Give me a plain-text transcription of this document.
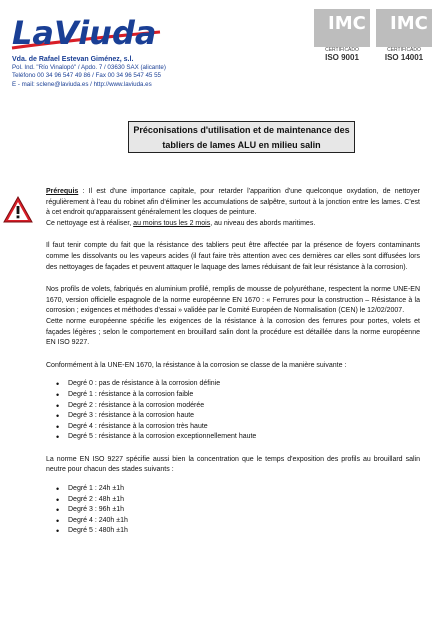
LaViuda
Vda. de Rafael Estevan Giménez, s.l.
Pol. Ind. "Río Vinalopó" / Apdo. 7 / 03630 SAX (alicante)
Teléfono 00 34 96 547 49 86 / Fax 00 34 96 547 45 55
E - mail: sclene@laviuda.es / http://www.laviuda.es
IMC
CERTIFICADO
ISO 9001
IMC
CERTIFICADO
ISO 14001
Préconisations d'utilisation et de maintenance des
tabliers de lames ALU en milieu salin

Prérequis : Il est d'une importance capitale, pour retarder l'apparition d'une quelconque oxydation, de nettoyer régulièrement à l'eau du robinet afin d'éliminer les accumulations de salpêtre, surtout à la jonction entre les lames. C'est à cet endroit qu'apparaissent généralement les cloques de peinture.
Ce nettoyage est à réaliser, au moins tous les 2 mois, au niveau des abords maritimes.

Il faut tenir compte du fait que la résistance des tabliers peut être affectée par la présence de foyers contaminants comme les dissolvants ou les vapeurs acides (il faut faire très attention avec ces dernières car elles sont diffusées lors des nettoyages de façades et peuvent attaquer le laquage des lames réduisant de fait leur résistance à la corrosion).

Nos profils de volets, fabriqués en aluminium profilé, remplis de mousse de polyuréthane, respectent la norme UNE-EN 1670, version officielle espagnole de la norme européenne EN 1670 : « Ferrures pour la construction – Résistance à la corrosion ; exigences et méthodes d'essai » validée par le Comité Européen de Normalisation (CEN) le 12/02/2007.

Cette norme européenne spécifie les exigences de la résistance à la corrosion des ferrures pour portes, volets et façades légères ; selon le comportement en brouillard salin dont la procédure est détaillée dans la norme européenne EN ISO 9227.

Conformément à la UNE-EN 1670, la résistance à la corrosion se classe de la manière suivante :

• Degré 0 : pas de résistance à la corrosion définie
• Degré 1 : résistance à la corrosion faible
• Degré 2 : résistance à la corrosion modérée
• Degré 3 : résistance à la corrosion haute
• Degré 4 : résistance à la corrosion très haute
• Degré 5 : résistance à la corrosion exceptionnellement haute

La norme EN ISO 9227 spécifie aussi bien la concentration que le temps d'exposition des profils au brouillard salin neutre pour chacun des stades suivants :

• Degré 1 : 24h ±1h
• Degré 2 : 48h ±1h
• Degré 3 : 96h ±1h
• Degré 4 : 240h ±1h
• Degré 5 : 480h ±1h
